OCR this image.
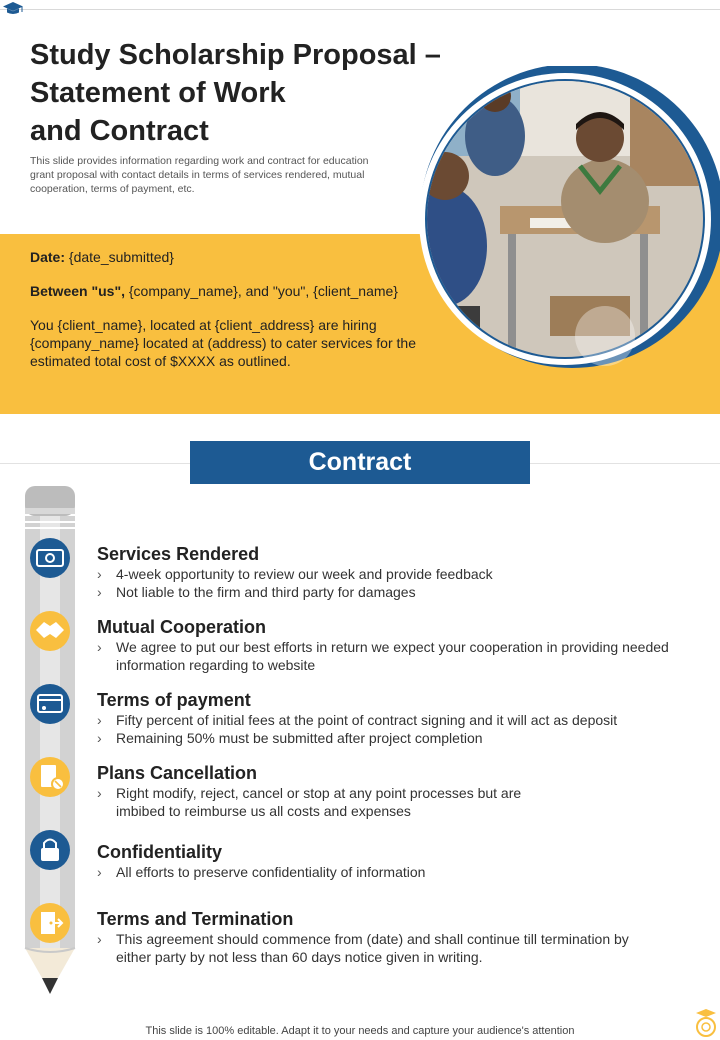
Study Scholarship Proposal –
Statement of Work
and Contract

This slide provides information regarding work and contract for education grant proposal with contact details in terms of services rendered, mutual cooperation, terms of payment, etc.

Date: {date_submitted}

Between "us", {company_name}, and "you", {client_name}

You {client_name}, located at {client_address} are hiring {company_name} located at (address) to cater services for the estimated total cost of $XXXX as outlined.

Contract
Services Rendered
› 4-week opportunity to review our week and provide feedback
› Not liable to the firm and third party for damages
Mutual Cooperation
› We agree to put our best efforts in return we expect your cooperation in providing needed information regarding to website
Terms of payment
› Fifty percent of initial fees at the point of contract signing and it will act as deposit
› Remaining 50% must be submitted after project completion
Plans Cancellation
› Right modify, reject, cancel or stop at any point processes but are imbibed to reimburse us all costs and expenses
Confidentiality
› All efforts to preserve confidentiality of information
Terms and Termination
› This agreement should commence from (date) and shall continue till termination by either party by not less than 60 days notice given in writing.
This slide is 100% editable. Adapt it to your needs and capture your audience's attention
